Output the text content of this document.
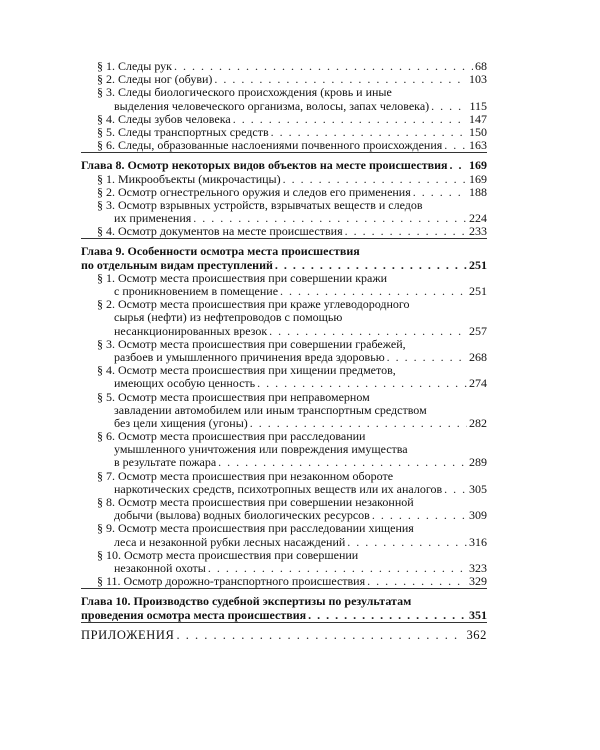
§ 1. Следы рук . . .	68
§ 2. Следы ног (обуви) . . .	103
§ 3. Следы биологического происхождения (кровь и иные
выделения человеческого организма, волосы, запах человека) . . .	115
§ 4. Следы зубов человека . . .	147
§ 5. Следы транспортных средств . . .	150
§ 6. Следы, образованные наслоениями почвенного происхождения . . . 163
Глава 8. Осмотр некоторых видов объектов на месте происшествия . . . 169
§ 1. Микрообъекты (микрочастицы) . . .	169
§ 2. Осмотр огнестрельного оружия и следов его применения . . .	188
§ 3. Осмотр взрывных устройств, взрывчатых веществ и следов
их применения . . .	224
§ 4. Осмотр документов на месте происшествия . . .	233
Глава 9. Особенности осмотра места происшествия
по отдельным видам преступлений . . .	251
§ 1. Осмотр места происшествия при совершении кражи
с проникновением в помещение . . .	251
§ 2. Осмотр места происшествия при краже углеводородного
сырья (нефти) из нефтепроводов с помощью
несанкционированных врезок . . .	257
§ 3. Осмотр места происшествия при совершении грабежей,
разбоев и умышленного причинения вреда здоровью . . .	268
§ 4. Осмотр места происшествия при хищении предметов,
имеющих особую ценность . . .	274
§ 5. Осмотр места происшествия при неправомерном
завладении автомобилем или иным транспортным средством
без цели хищения (угоны) . . .	282
§ 6. Осмотр места происшествия при расследовании
умышленного уничтожения или повреждения имущества
в результате пожара . . .	289
§ 7. Осмотр места происшествия при незаконном обороте
наркотических средств, психотропных веществ или их аналогов . . . 305
§ 8. Осмотр места происшествия при совершении незаконной
добычи (вылова) водных биологических ресурсов . . .	309
§ 9. Осмотр места происшествия при расследовании хищения
леса и незаконной рубки лесных насаждений . . .	316
§ 10. Осмотр места происшествия при совершении
незаконной охоты . . .	323
§ 11. Осмотр дорожно-транспортного происшествия . . .	329
Глава 10. Производство судебной экспертизы по результатам
проведения осмотра места происшествия . . .	351
ПРИЛОЖЕНИЯ . . .	362
